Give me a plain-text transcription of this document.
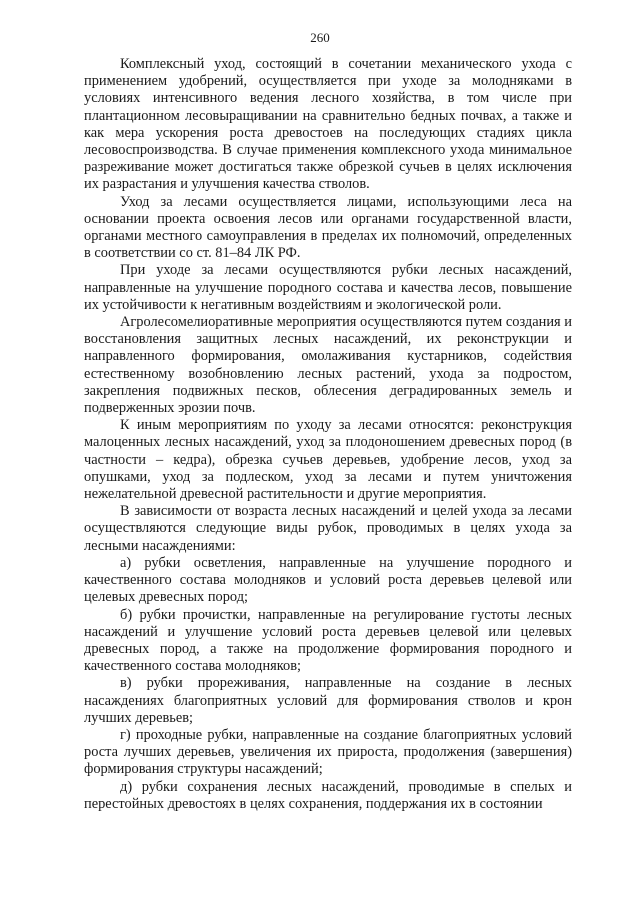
260

Комплексный уход, состоящий в сочетании механического ухода с применением удобрений, осуществляется при уходе за молодняками в условиях интенсивного ведения лесного хозяйства, в том числе при плантационном лесовыращивании на сравнительно бедных почвах, а также и как мера ускорения роста древостоев на последующих стадиях цикла лесовоспроизводства. В случае применения комплексного ухода минимальное разреживание может достигаться также обрезкой сучьев в целях исключения их разрастания и улучшения качества стволов.

Уход за лесами осуществляется лицами, использующими леса на основании проекта освоения лесов или органами государственной власти, органами местного самоуправления в пределах их полномочий, определенных в соответствии со ст. 81–84 ЛК РФ.

При уходе за лесами осуществляются рубки лесных насаждений, направленные на улучшение породного состава и качества лесов, повышение их устойчивости к негативным воздействиям и экологической роли.

Агролесомелиоративные мероприятия осуществляются путем создания и восстановления защитных лесных насаждений, их реконструкции и направленного формирования, омолаживания кустарников, содействия естественному возобновлению лесных растений, ухода за подростом, закрепления подвижных песков, облесения деградированных земель и подверженных эрозии почв.

К иным мероприятиям по уходу за лесами относятся: реконструкция малоценных лесных насаждений, уход за плодоношением древесных пород (в частности – кедра), обрезка сучьев деревьев, удобрение лесов, уход за опушками, уход за подлеском, уход за лесами и путем уничтожения нежелательной древесной растительности и другие мероприятия.

В зависимости от возраста лесных насаждений и целей ухода за лесами осуществляются следующие виды рубок, проводимых в целях ухода за лесными насаждениями:

а) рубки осветления, направленные на улучшение породного и качественного состава молодняков и условий роста деревьев целевой или целевых древесных пород;

б) рубки прочистки, направленные на регулирование густоты лесных насаждений и улучшение условий роста деревьев целевой или целевых древесных пород, а также на продолжение формирования породного и качественного состава молодняков;

в) рубки прореживания, направленные на создание в лесных насаждениях благоприятных условий для формирования стволов и крон лучших деревьев;

г) проходные рубки, направленные на создание благоприятных условий роста лучших деревьев, увеличения их прироста, продолжения (завершения) формирования структуры насаждений;

д) рубки сохранения лесных насаждений, проводимые в спелых и перестойных древостоях в целях сохранения, поддержания их в состоянии
